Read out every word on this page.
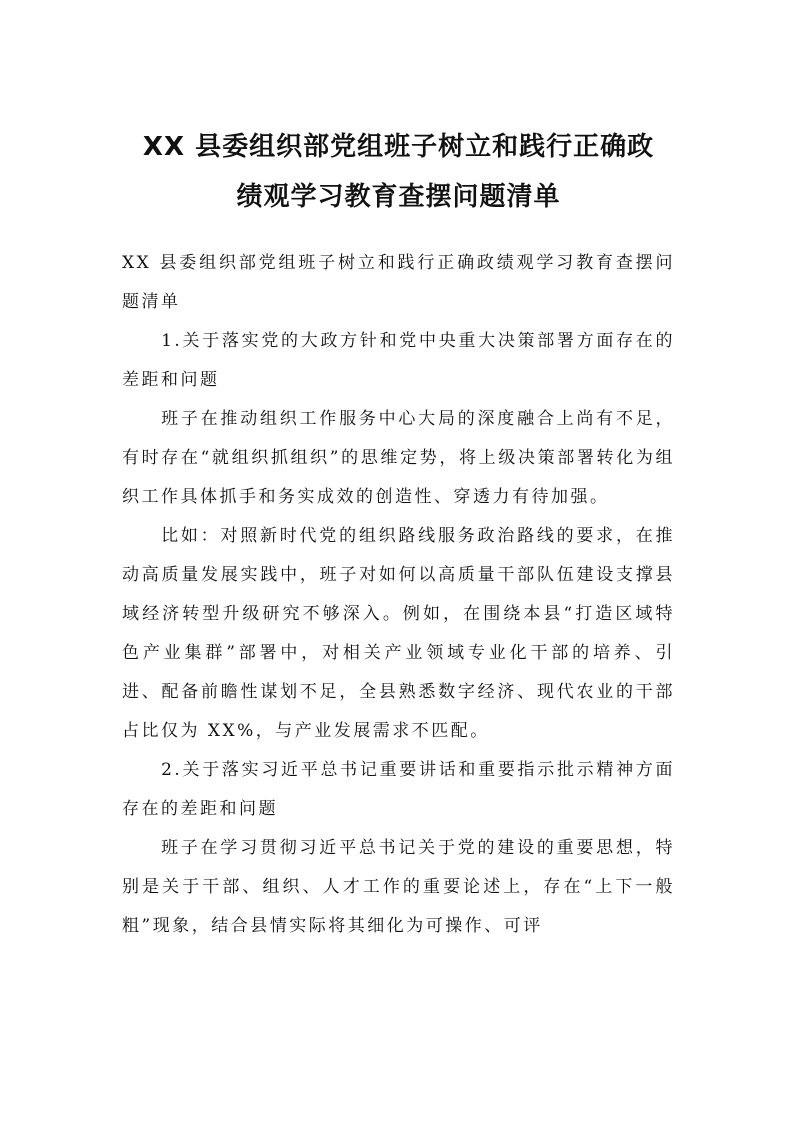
XX 县委组织部党组班子树立和践行正确政
绩观学习教育查摆问题清单

XX 县委组织部党组班子树立和践行正确政绩观学习教育查摆问题清单

1.关于落实党的大政方针和党中央重大决策部署方面存在的差距和问题

班子在推动组织工作服务中心大局的深度融合上尚有不足，有时存在“就组织抓组织”的思维定势，将上级决策部署转化为组织工作具体抓手和务实成效的创造性、穿透力有待加强。

比如：对照新时代党的组织路线服务政治路线的要求，在推动高质量发展实践中，班子对如何以高质量干部队伍建设支撑县域经济转型升级研究不够深入。例如，在围绕本县“打造区域特色产业集群”部署中，对相关产业领域专业化干部的培养、引进、配备前瞻性谋划不足，全县熟悉数字经济、现代农业的干部占比仅为 XX%，与产业发展需求不匹配。

2.关于落实习近平总书记重要讲话和重要指示批示精神方面存在的差距和问题

班子在学习贯彻习近平总书记关于党的建设的重要思想，特别是关于干部、组织、人才工作的重要论述上，存在“上下一般粗”现象，结合县情实际将其细化为可操作、可评
